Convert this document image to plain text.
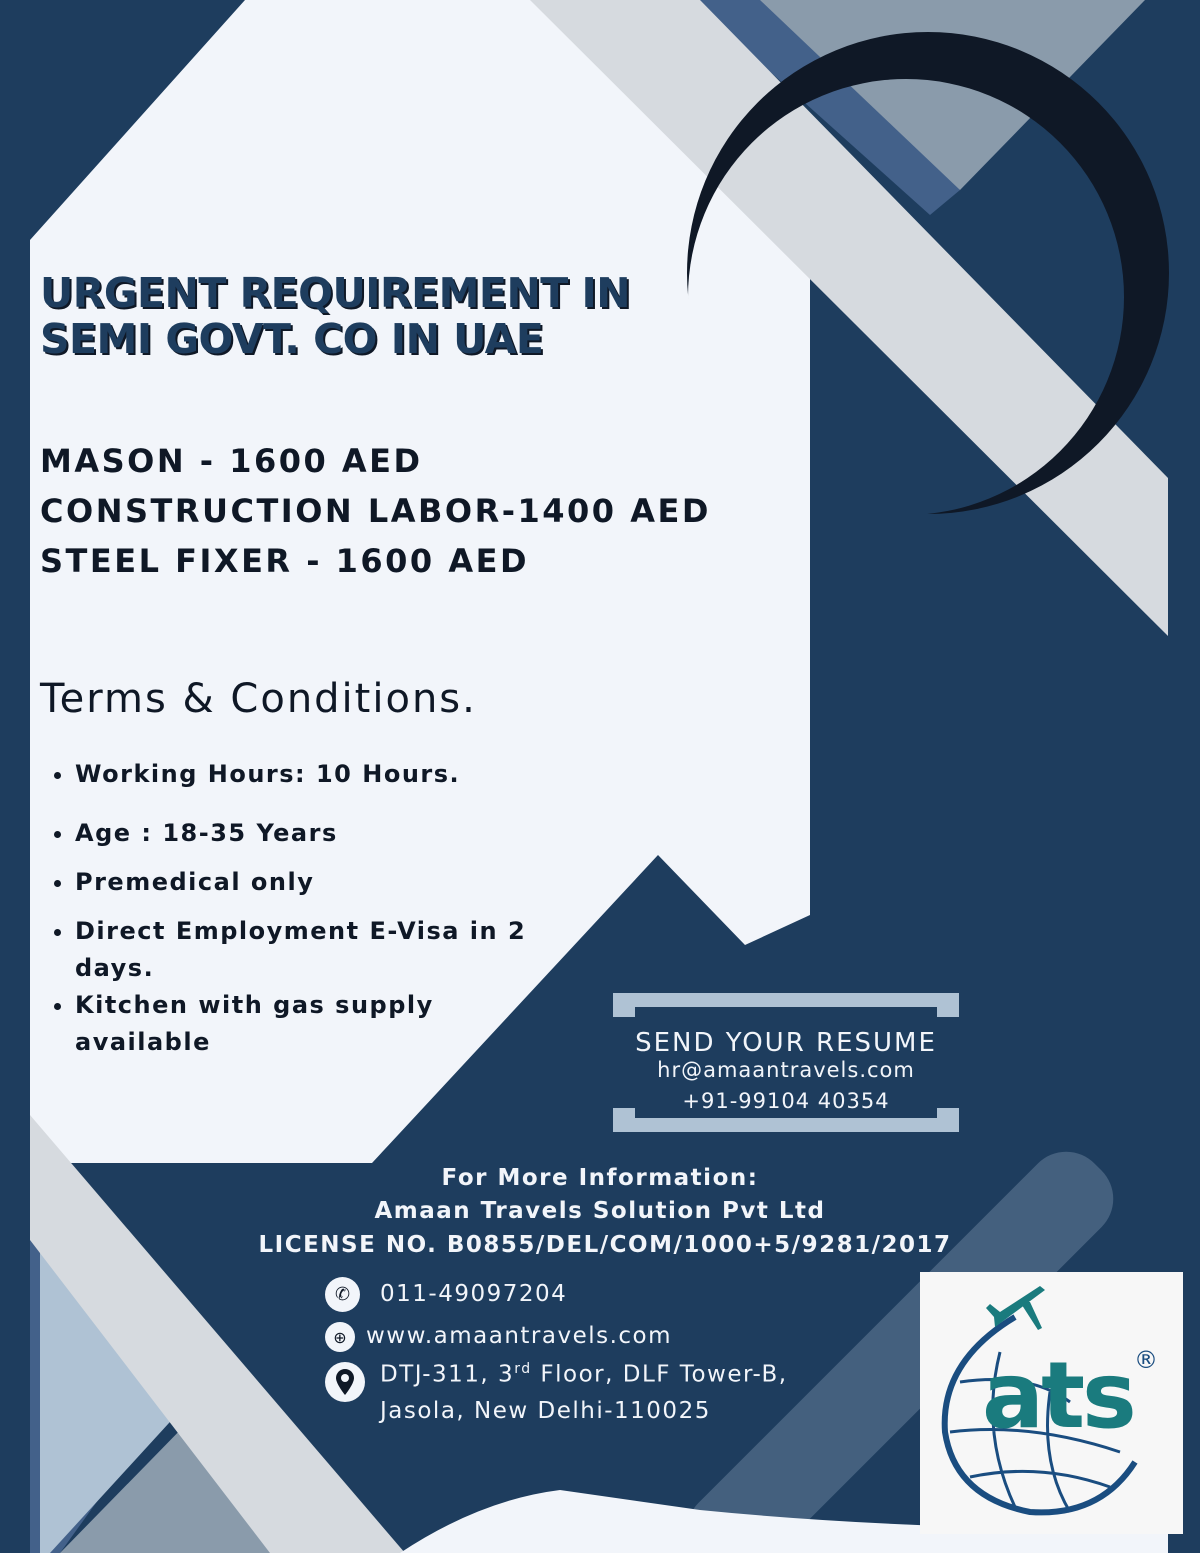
URGENT REQUIREMENT IN
SEMI GOVT. CO IN UAE
MASON - 1600 AED
CONSTRUCTION LABOR-1400 AED
STEEL FIXER - 1600 AED
Terms & Conditions.
• Working Hours: 10 Hours.
• Age : 18-35 Years
• Premedical only
• Direct Employment E-Visa in 2 days.
• Kitchen with gas supply available	SEND YOUR RESUME
hr@amaantravels.com
+91-99104 40354
For More Information:
Amaan Travels Solution Pvt Ltd
LICENSE NO. B0855/DEL/COM/1000+5/9281/2017
✆	011-49097204
⊕ www.amaantravels.com
DTJ-311, 3rd Floor, DLF Tower-B,
Jasola, New Delhi-110025	ats ®
